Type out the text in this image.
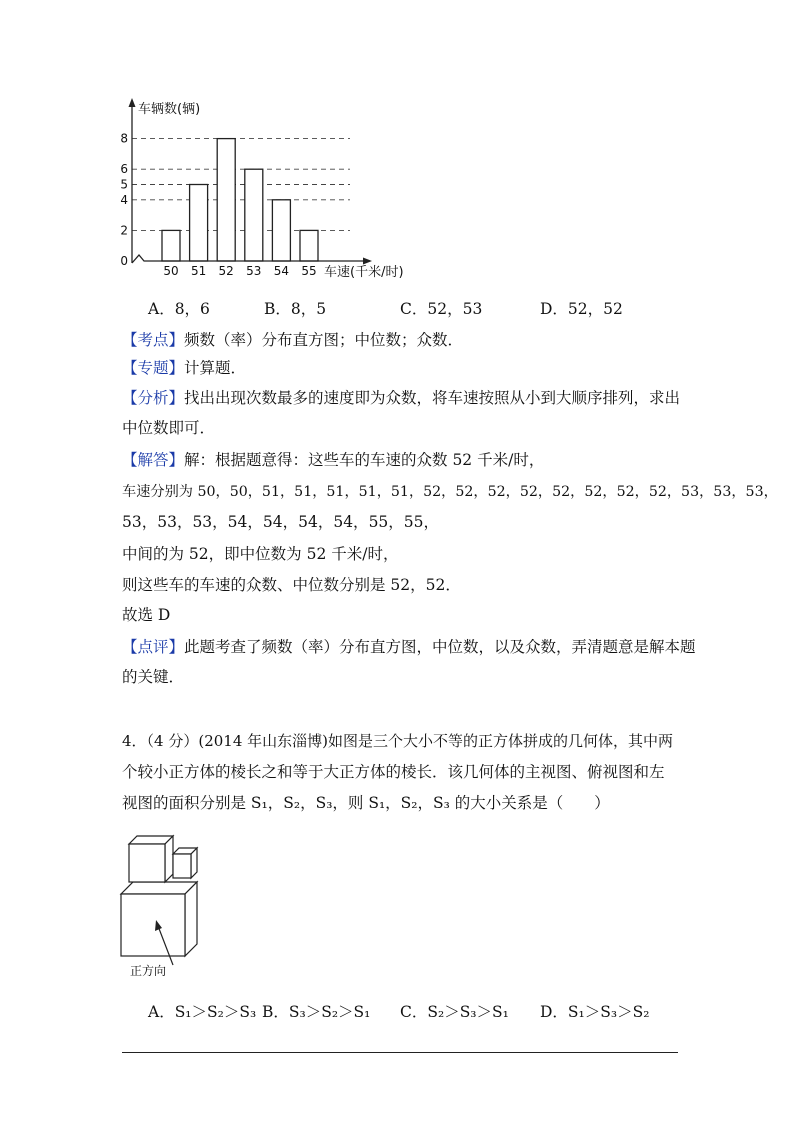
0
2
4
5
6
8
50 51 52 53 54 55
车辆数(辆)
车速(千米/时)
A．8，6	B．8，5	C．52，53	D．52，52
【考点】频数（率）分布直方图；中位数；众数．
【专题】计算题．
【分析】找出出现次数最多的速度即为众数，将车速按照从小到大顺序排列，求出
中位数即可．
【解答】解：根据题意得：这些车的车速的众数 52 千米/时，
车速分别为 50，50，51，51，51，51，51，52，52，52，52，52，52，52，52，53，53，53，
53，53，53，54，54，54，54，55，55，
中间的为 52，即中位数为 52 千米/时，
则这些车的车速的众数、中位数分别是 52，52．
故选 D
【点评】此题考查了频数（率）分布直方图，中位数，以及众数，弄清题意是解本题
的关键．
4．（4 分）(2014 年山东淄博)如图是三个大小不等的正方体拼成的几何体，其中两
个较小正方体的棱长之和等于大正方体的棱长．该几何体的主视图、俯视图和左
视图的面积分别是 S₁，S₂，S₃，则 S₁，S₂，S₃ 的大小关系是（　　）
正方向
A．S₁＞S₂＞S₃ B．S₃＞S₂＞S₁ C．S₂＞S₃＞S₁ D．S₁＞S₃＞S₂
